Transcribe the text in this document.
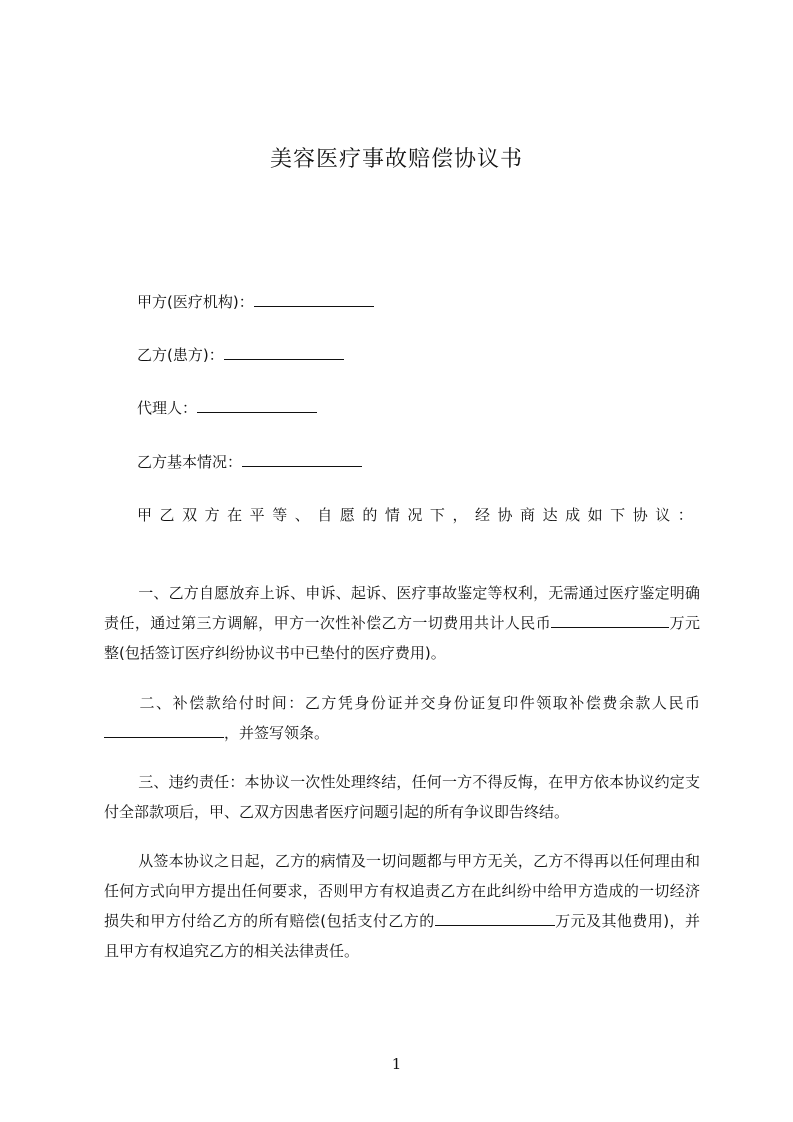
美容医疗事故赔偿协议书
甲方(医疗机构)：
乙方(患方)：
代理人：
乙方基本情况：
甲 乙 双 方 在 平 等 、 自 愿 的 情 况 下 ， 经 协 商 达 成 如 下 协 议 ：

一、乙方自愿放弃上诉、申诉、起诉、医疗事故鉴定等权利，无需通过医疗鉴定明确责任，通过第三方调解，甲方一次性补偿乙方一切费用共计人民币	万元整(包括签订医疗纠纷协议书中已垫付的医疗费用)。

二、补偿款给付时间：乙方凭身份证并交身份证复印件领取补偿费余款人民币，并签写领条。

三、违约责任：本协议一次性处理终结，任何一方不得反悔，在甲方依本协议约定支付全部款项后，甲、乙双方因患者医疗问题引起的所有争议即告终结。

从签本协议之日起，乙方的病情及一切问题都与甲方无关，乙方不得再以任何理由和任何方式向甲方提出任何要求，否则甲方有权追责乙方在此纠纷中给甲方造成的一切经济损失和甲方付给乙方的所有赔偿(包括支付乙方的	万元及其他费用)，并且甲方有权追究乙方的相关法律责任。

1
